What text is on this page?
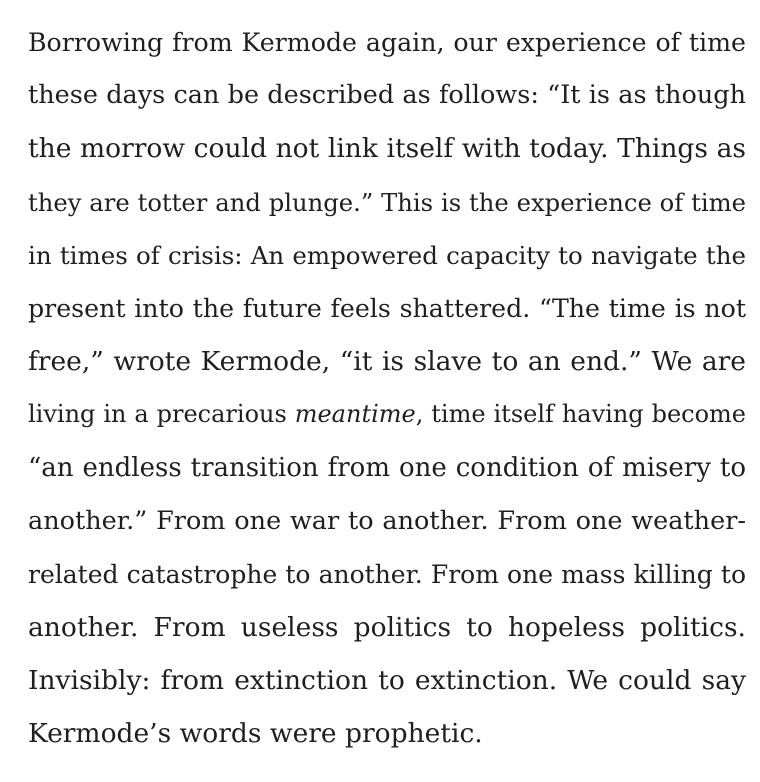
Borrowing from Kermode again, our experience of time
these days can be described as follows: “It is as though
the morrow could not link itself with today. Things as
they are totter and plunge.” This is the experience of time
in times of crisis: An empowered capacity to navigate the
present into the future feels shattered. “The time is not
free,” wrote Kermode, “it is slave to an end.” We are
living in a precarious meantime, time itself having become
“an endless transition from one condition of misery to
another.” From one war to another. From one weather-
related catastrophe to another. From one mass killing to
another. From useless politics to hopeless politics.
Invisibly: from extinction to extinction. We could say
Kermode’s words were prophetic.
